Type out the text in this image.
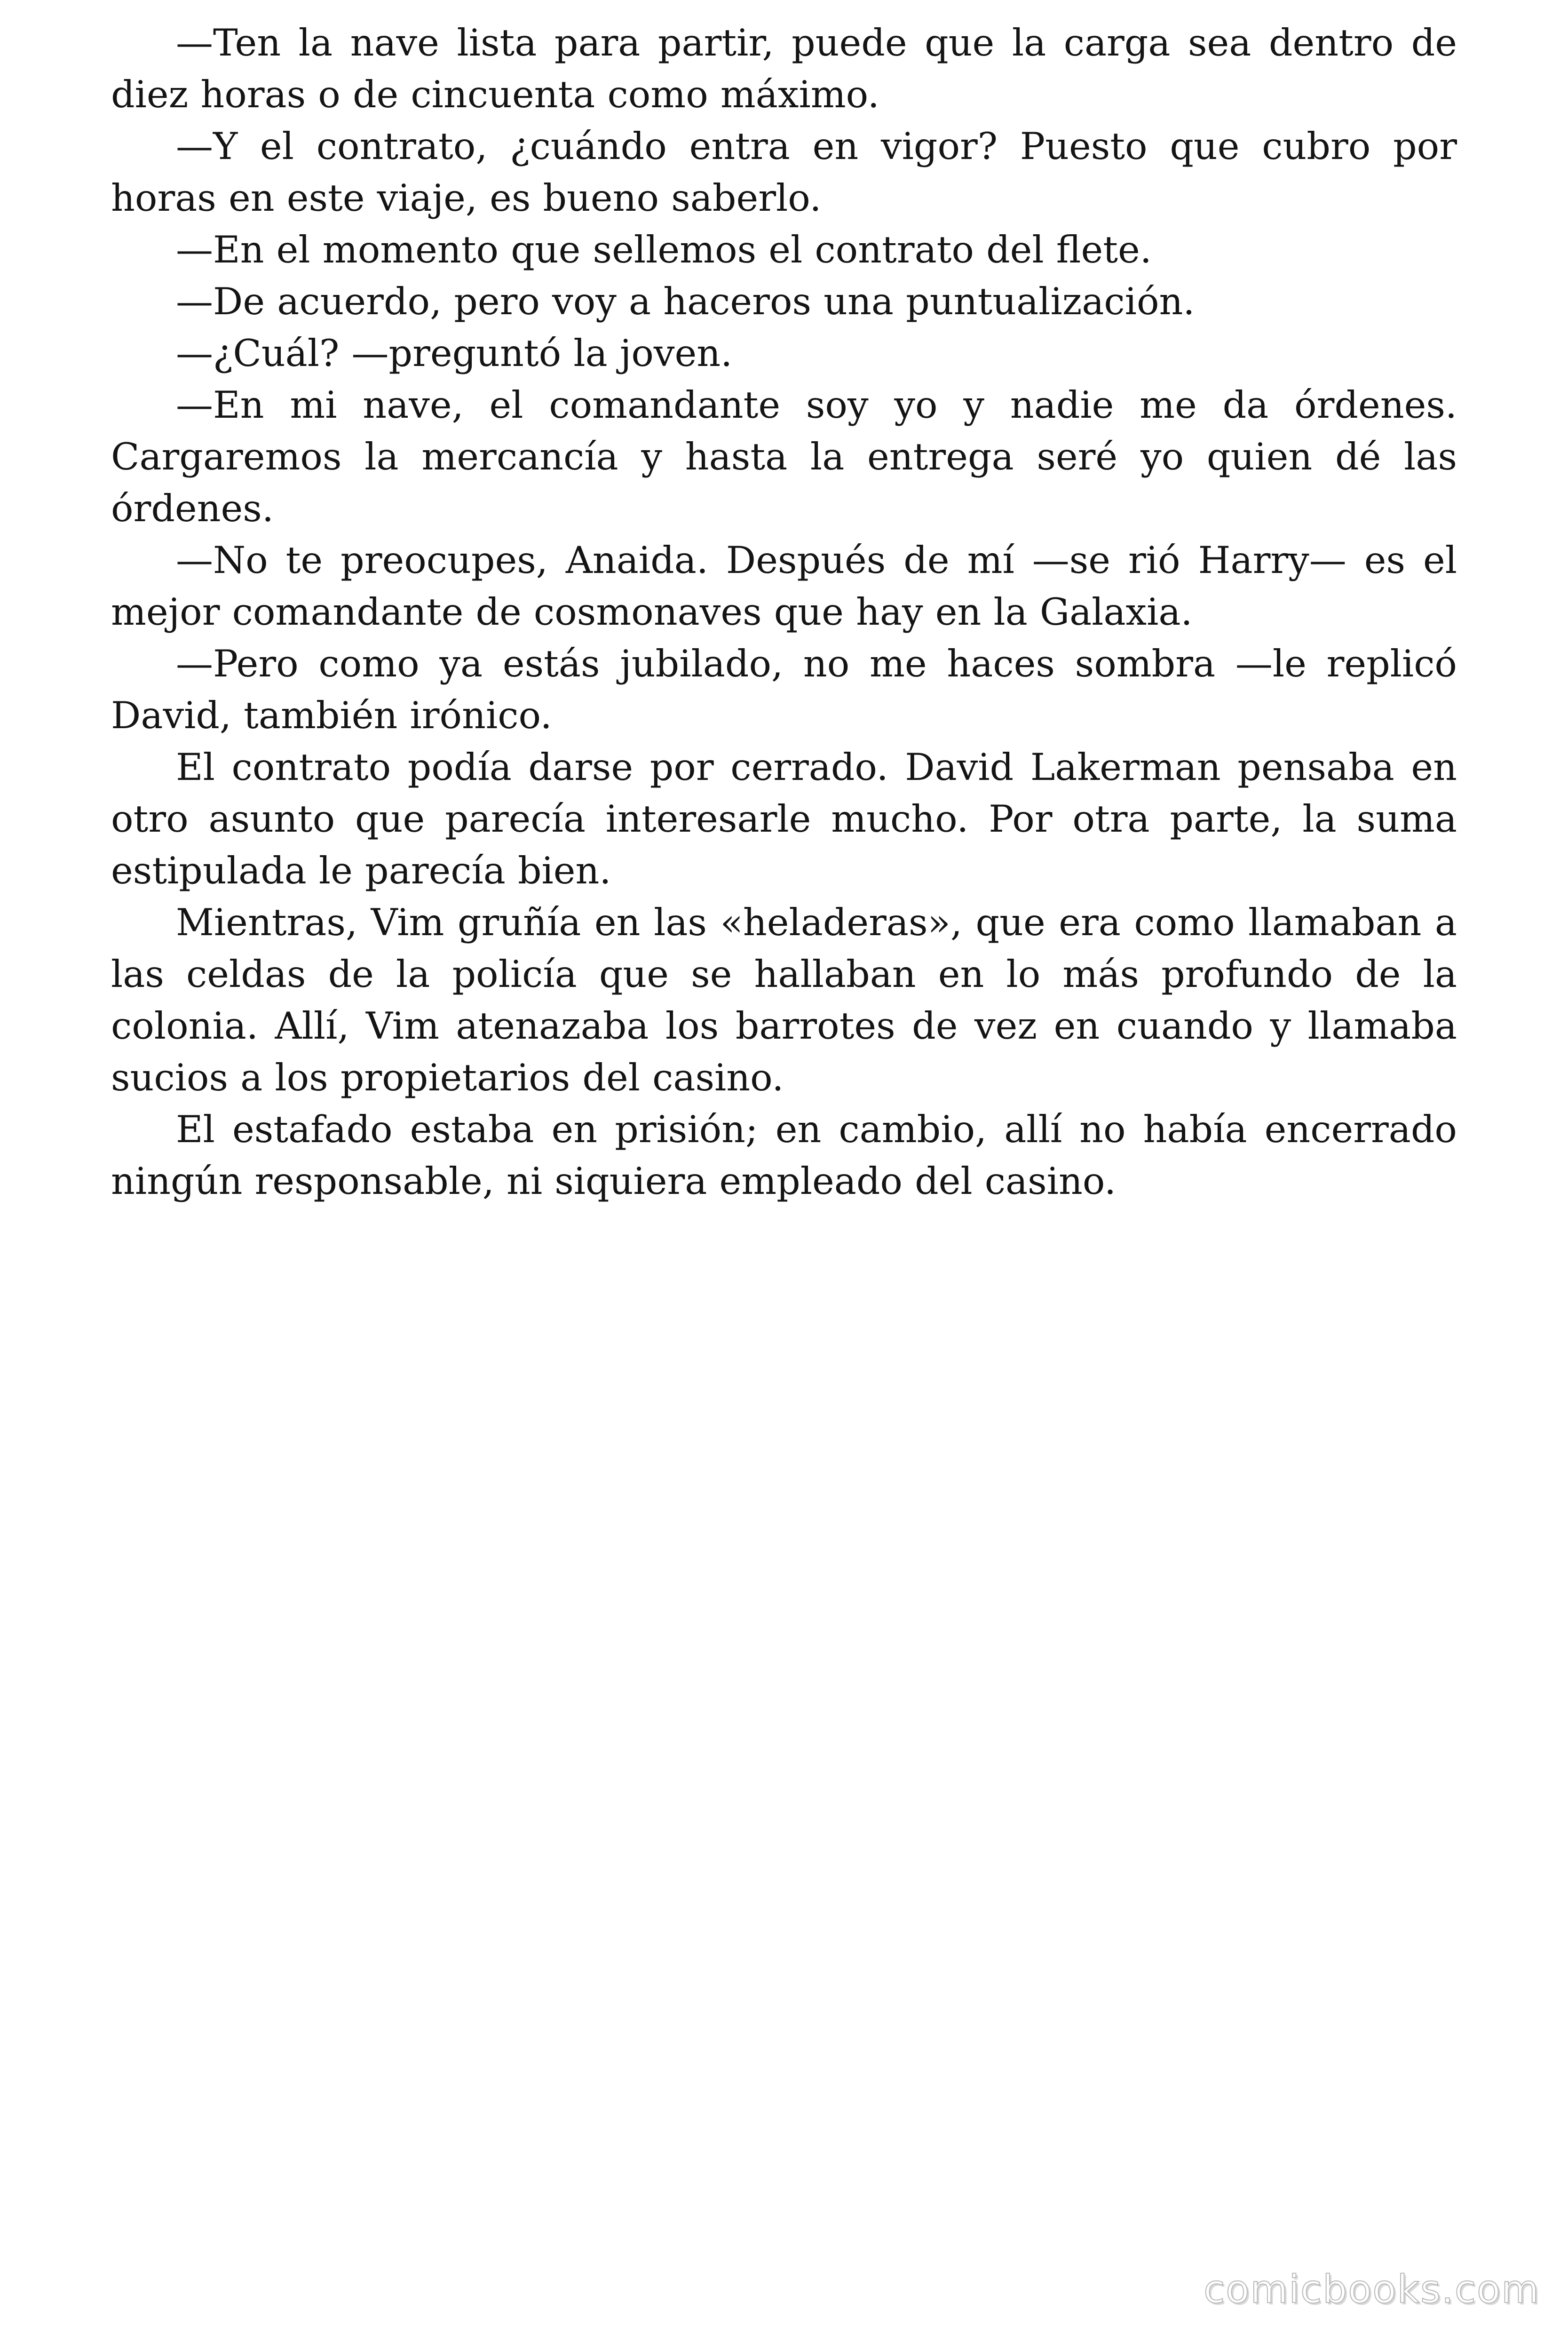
—Ten la nave lista para partir, puede que la carga sea dentro de diez horas o de cincuenta como máximo.

—Y el contrato, ¿cuándo entra en vigor? Puesto que cubro por horas en este viaje, es bueno saberlo.

—En el momento que sellemos el contrato del flete.

—De acuerdo, pero voy a haceros una puntualización.

—¿Cuál? —preguntó la joven.

—En mi nave, el comandante soy yo y nadie me da órdenes. Cargaremos la mercancía y hasta la entrega seré yo quien dé las órdenes.

—No te preocupes, Anaida. Después de mí —se rió Harry— es el mejor comandante de cosmonaves que hay en la Galaxia.

—Pero como ya estás jubilado, no me haces sombra —le replicó David, también irónico.

El contrato podía darse por cerrado. David Lakerman pensaba en otro asunto que parecía interesarle mucho. Por otra parte, la suma estipulada le parecía bien.

Mientras, Vim gruñía en las «heladeras», que era como llamaban a las celdas de la policía que se hallaban en lo más profundo de la colonia. Allí, Vim atenazaba los barrotes de vez en cuando y llamaba sucios a los propietarios del casino.

El estafado estaba en prisión; en cambio, allí no había encerrado ningún responsable, ni siquiera empleado del casino.

comicbooks.com
